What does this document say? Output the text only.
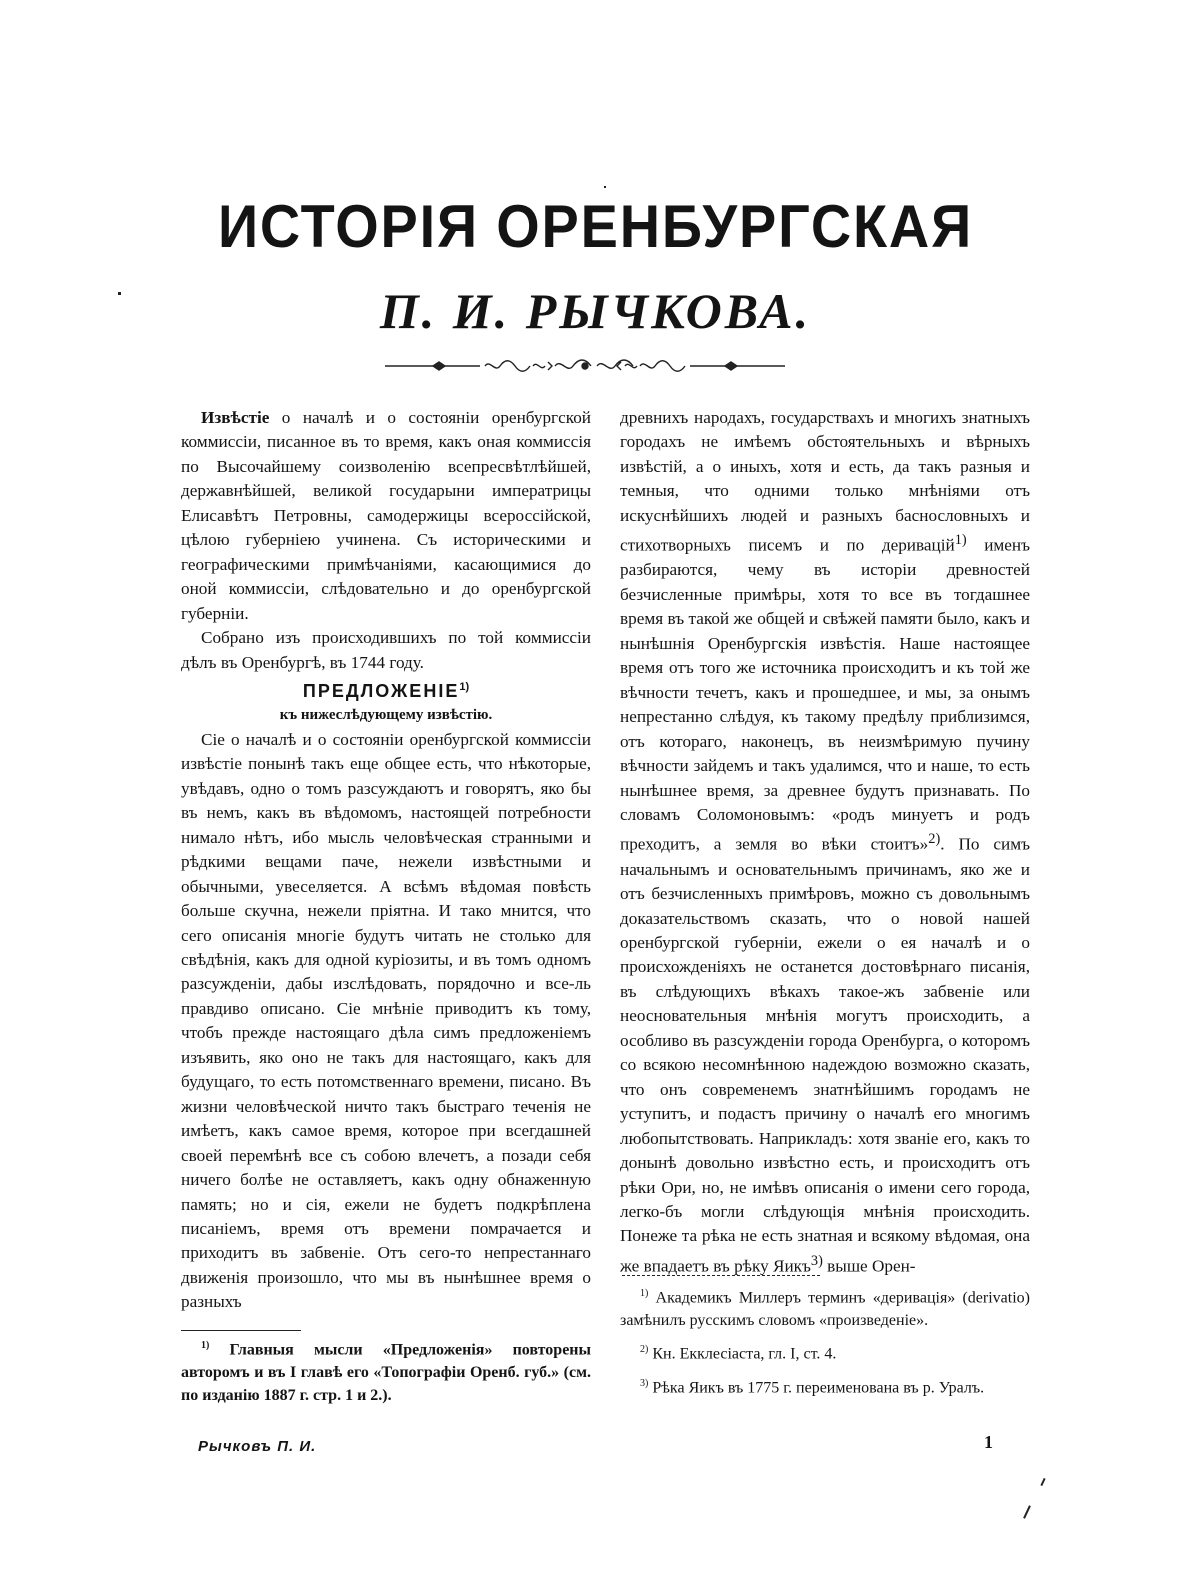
ИСТОРІЯ ОРЕНБУРГСКАЯ
П. И. РЫЧКОВА.

Извѣстіе о началѣ и о состояніи оренбургской коммиссіи, писанное въ то время, какъ оная коммиссія по Высочайшему соизволенію всепресвѣтлѣйшей, державнѣйшей, великой государыни императрицы Елисавѣтъ Петровны, самодержицы всероссійской, цѣлою губерніею учинена. Съ историческими и географическими примѣчаніями, касающимися до оной коммиссіи, слѣдовательно и до оренбургской губерніи.

Собрано изъ происходившихъ по той коммиссіи дѣлъ въ Оренбургѣ, въ 1744 году.

ПРЕДЛОЖЕНІЕ$^{1)}$

къ нижеслѣдующему извѣстію.

Сіе о началѣ и о состояніи оренбургской коммиссіи извѣстіе понынѣ такъ еще общее есть, что нѣкоторые, увѣдавъ, одно о томъ разсуждаютъ и говорятъ, яко бы въ немъ, какъ въ вѣдомомъ, настоящей потребности нимало нѣтъ, ибо мысль человѣческая странными и рѣдкими вещами паче, нежели извѣстными и обычными, увеселяется. А всѣмъ вѣдомая повѣсть больше скучна, нежели пріятна. И тако мнится, что сего описанія многіе будутъ читать не столько для свѣдѣнія, какъ для одной куріозиты, и въ томъ одномъ разсужденіи, дабы изслѣдовать, порядочно и все-ль правдиво описано. Сіе мнѣніе приводитъ къ тому, чтобъ прежде настоящаго дѣла симъ предложеніемъ изъявить, яко оно не такъ для настоящаго, какъ для будущаго, то есть потомственнаго времени, писано. Въ жизни человѣческой ничто такъ быстраго теченія не имѣетъ, какъ самое время, которое при всегдашней своей перемѣнѣ все съ собою влечетъ, а позади себя ничего болѣе не оставляетъ, какъ одну обнаженную память; но и сія, ежели не будетъ подкрѣплена писаніемъ, время отъ времени помрачается и приходитъ въ забвеніе. Отъ сего-то непрестаннаго движенія произошло, что мы въ нынѣшнее время о разныхъ

древнихъ народахъ, государствахъ и многихъ знатныхъ городахъ не имѣемъ обстоятельныхъ и вѣрныхъ извѣстій, а о иныхъ, хотя и есть, да такъ разныя и темныя, что одними только мнѣніями отъ искуснѣйшихъ людей и разныхъ баснословныхъ и стихотворныхъ писемъ и по деривацій$^{1)}$ именъ разбираются, чему въ исторіи древностей безчисленные примѣры, хотя то все въ тогдашнее время въ такой же общей и свѣжей памяти было, какъ и нынѣшнія Оренбургскія извѣстія. Наше настоящее время отъ того же источника происходитъ и къ той же вѣчности течетъ, какъ и прошедшее, и мы, за онымъ непрестанно слѣдуя, къ такому предѣлу приблизимся, отъ котораго, наконецъ, въ неизмѣримую пучину вѣчности зайдемъ и такъ удалимся, что и наше, то есть нынѣшнее время, за древнее будутъ признавать. По словамъ Соломоновымъ: «родъ минуетъ и родъ преходитъ, а земля во вѣки стоитъ»$^{2)}$. По симъ начальнымъ и основательнымъ причинамъ, яко же и отъ безчисленныхъ примѣровъ, можно съ довольнымъ доказательствомъ сказать, что о новой нашей оренбургской губерніи, ежели о ея началѣ и о происхожденіяхъ не останется достовѣрнаго писанія, въ слѣдующихъ вѣкахъ такое-жъ забвеніе или неосновательныя мнѣнія могутъ происходить, а особливо въ разсужденіи города Оренбурга, о которомъ со всякою несомнѣнною надеждою возможно сказать, что онъ современемъ знатнѣйшимъ городамъ не уступитъ, и подастъ причину о началѣ его многимъ любопытствовать. Наприкладъ: хотя званіе его, какъ то донынѣ довольно извѣстно есть, и происходитъ отъ рѣки Ори, но, не имѣвъ описанія о имени сего города, легко-бъ могли слѣдующія мнѣнія происходить. Понеже та рѣка не есть знатная и всякому вѣдомая, она же впадаетъ въ рѣку Яикъ$^{3)}$ выше Орен-

$^{1)}$ Главныя мысли «Предложенія» повторены авторомъ и въ I главѣ его «Топографіи Оренб. губ.» (см. по изданію 1887 г. стр. 1 и 2.).

$^{1)}$ Академикъ Миллеръ терминъ «деривація» (derivatio) замѣнилъ русскимъ словомъ «произведеніе».

$^{2)}$ Кн. Екклесіаста, гл. I, ст. 4.

$^{3)}$ Рѣка Яикъ въ 1775 г. переименована въ р. Уралъ.

Рычковъ П. И.	1
